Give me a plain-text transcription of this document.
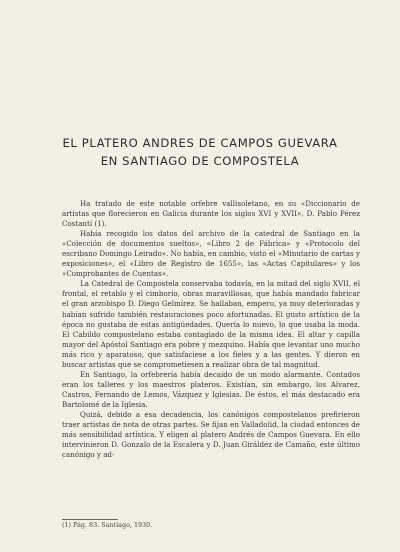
EL PLATERO ANDRES DE CAMPOS GUEVARA
EN SANTIAGO DE COMPOSTELA

Ha tratado de este notable orfebre vallisoletano, en su «Diccionario de artistas que florecieron en Galicia durante los siglos XVI y XVII», D. Pablo Pérez Costanti (1).

Había recogido los datos del archivo de la catedral de Santiago en la «Colección de documentos sueltos», «Libro 2 de Fábrica» y «Protocolo del escribano Domingo Leirado». No había, en cambio, visto el «Minutario de cartas y exposiciones», el «Libro de Registro de 1655», las «Actas Capitulares» y los «Comprobantes de Cuentas».

La Catedral de Compostela conservaba todavía, en la mitad del siglo XVII, el frontal, el retablo y el cimborio, obras maravillosas, que había mandado fabricar el gran arzobispo D. Diego Gelmírez. Se hallaban, empero, ya muy deterioradas y habían sufrido también restauraciones poco afortunadas. El gusto artístico de la época no gustaba de estas antigüedades. Quería lo nuevo, lo que usaba la moda. El Cabildo compostelano estaba contagiado de la misma idea. El altar y capilla mayor del Apóstol Santiago era pobre y mezquino. Había que levantar uno mucho más rico y aparatoso, que satisfaciese a los fieles y a las gentes. Y dieron en buscar artistas que se comprometiesen a realizar obra de tal magnitud.

En Santiago, la orfebrería había decaído de un modo alarmante. Contados eran los talleres y los maestros plateros. Existían, sin embargo, los Alvarez, Castros, Fernando de Lemos, Vázquez y Iglesias. De éstos, el más destacado era Bartolomé de la Iglesia.

Quizá, debido a esa decadencia, los canónigos compostelanos prefirieron traer artistas de nota de otras partes. Se fijan en Valladolid, la ciudad entonces de más sensibilidad artística. Y eligen al platero Andrés de Campos Guevara. En ello intervinieron D. Gonzalo de la Escalera y D. Juan Giráldez de Camaño, este último canónigo y ad-

(1) Pág. 83. Santiago, 1930.
